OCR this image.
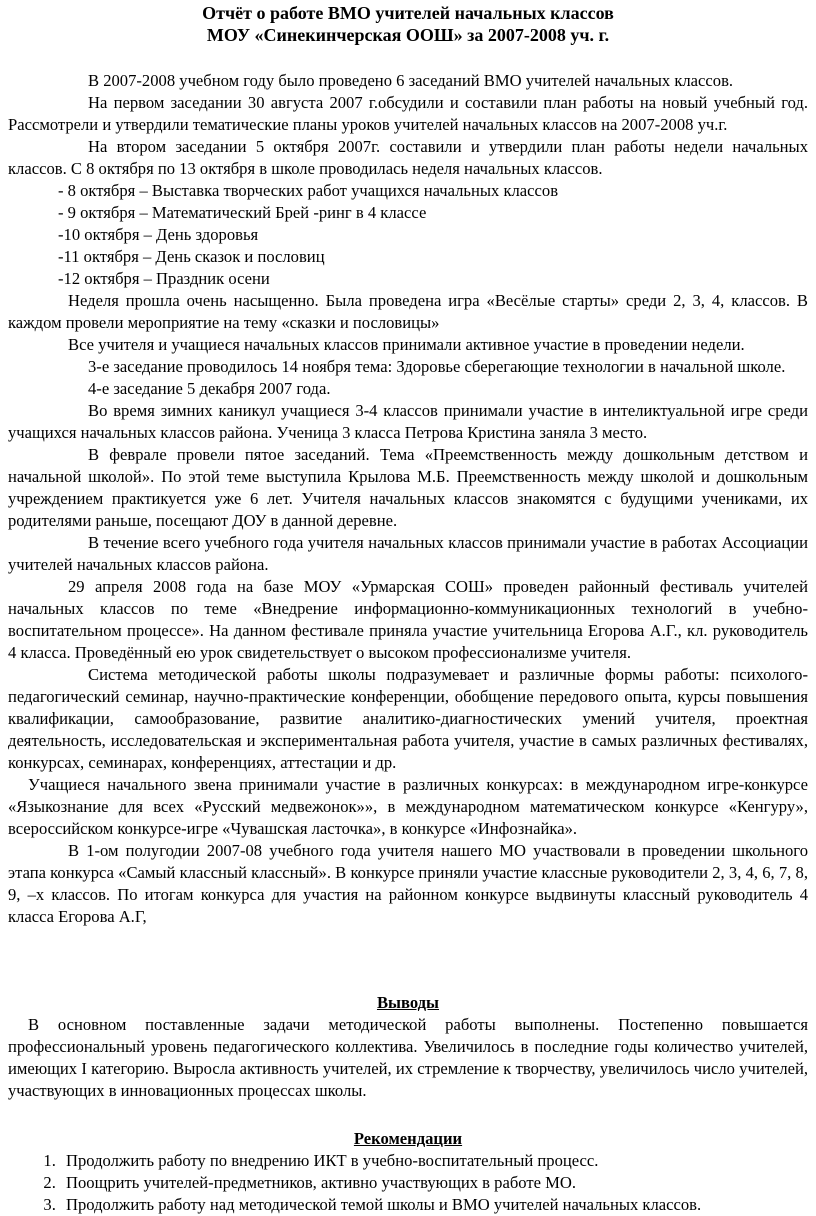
Отчёт о работе ВМО учителей начальных классов
МОУ «Синекинчерская ООШ» за 2007-2008 уч. г.

В 2007-2008 учебном году было проведено 6 заседаний ВМО учителей начальных классов.

На первом заседании 30 августа 2007 г.обсудили и составили план работы на новый учебный год. Рассмотрели и утвердили тематические планы уроков учителей начальных классов на 2007-2008 уч.г.

На втором заседании 5 октября 2007г. составили и утвердили план работы недели начальных классов. С 8 октября по 13 октября в школе проводилась неделя начальных классов.

- 8 октября – Выставка творческих работ учащихся начальных классов
- 9 октября – Математический Брей -ринг в 4 классе
-10 октября – День здоровья
-11 октября – День сказок и пословиц
-12 октября – Праздник осени

Неделя прошла очень насыщенно. Была проведена игра «Весёлые старты» среди 2, 3, 4, классов. В каждом провели мероприятие на тему «сказки и пословицы»

Все учителя и учащиеся начальных классов принимали активное участие в проведении недели.

3-е заседание проводилось 14 ноября тема: Здоровье сберегающие технологии в начальной школе.

4-е заседание 5 декабря 2007 года.

Во время зимних каникул учащиеся 3-4 классов принимали участие в интеликтуальной игре среди учащихся начальных классов района. Ученица 3 класса Петрова Кристина заняла 3 место.

В феврале провели пятое заседаний. Тема «Преемственность между дошкольным детством и начальной школой». По этой теме выступила Крылова М.Б. Преемственность между школой и дошкольным учреждением практикуется уже 6 лет. Учителя начальных классов знакомятся с будущими учениками, их родителями раньше, посещают ДОУ в данной деревне.

В течение всего учебного года учителя начальных классов принимали участие в работах Ассоциации учителей начальных классов района.

29 апреля 2008 года на базе МОУ «Урмарская СОШ» проведен районный фестиваль учителей начальных классов по теме «Внедрение информационно-коммуникационных технологий в учебно-воспитательном процессе». На данном фестивале приняла участие учительница Егорова А.Г., кл. руководитель 4 класса. Проведённый ею урок свидетельствует о высоком профессионализме учителя.

Система методической работы школы подразумевает и различные формы работы: психолого-педагогический семинар, научно-практические конференции, обобщение передового опыта, курсы повышения квалификации, самообразование, развитие аналитико-диагностических умений учителя, проектная деятельность, исследовательская и экспериментальная работа учителя, участие в самых различных фестивалях, конкурсах, семинарах, конференциях, аттестации и др.

Учащиеся начального звена принимали участие в различных конкурсах: в международном игре-конкурсе «Языкознание для всех «Русский медвежонок»», в международном математическом конкурсе «Кенгуру», всероссийском конкурсе-игре «Чувашская ласточка», в конкурсе «Инфознайка».

В 1-ом полугодии 2007-08 учебного года учителя нашего МО участвовали в проведении школьного этапа конкурса «Самый классный классный». В конкурсе приняли участие классные руководители 2, 3, 4, 6, 7, 8, 9, –х классов. По итогам конкурса для участия на районном конкурсе выдвинуты классный руководитель 4 класса Егорова А.Г,

Выводы

В основном поставленные задачи методической работы выполнены. Постепенно повышается профессиональный уровень педагогического коллектива. Увеличилось в последние годы количество учителей, имеющих I категорию. Выросла активность учителей, их стремление к творчеству, увеличилось число учителей, участвующих в инновационных процессах школы.

Рекомендации
1. Продолжить работу по внедрению ИКТ в учебно-воспитательный процесс.
2. Поощрить учителей-предметников, активно участвующих в работе МО.
3. Продолжить работу над методической темой школы и ВМО учителей начальных классов.
